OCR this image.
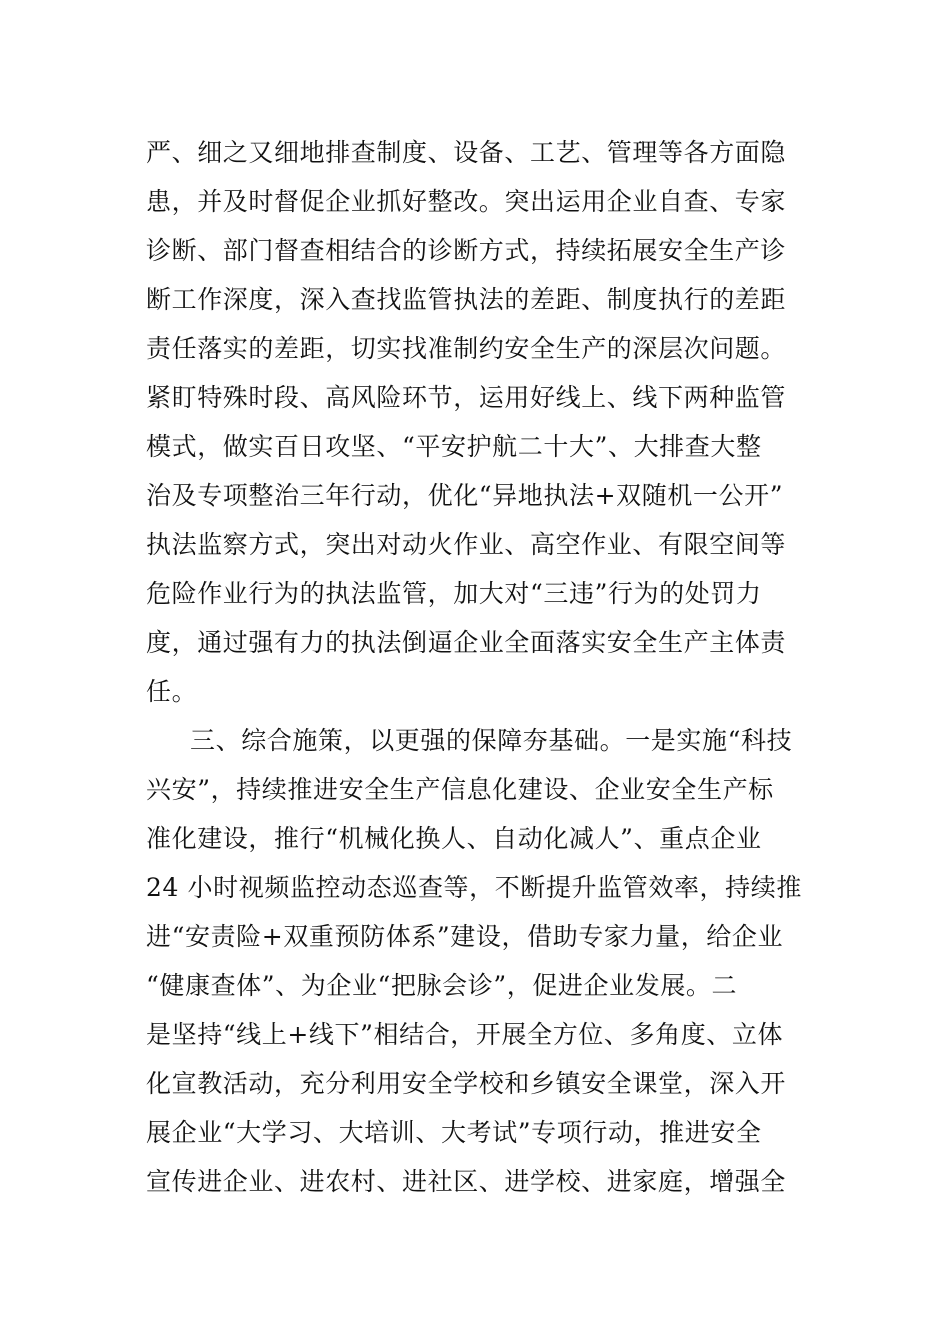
严、细之又细地排查制度、设备、工艺、管理等各方面隐
患，并及时督促企业抓好整改。突出运用企业自查、专家
诊断、部门督查相结合的诊断方式，持续拓展安全生产诊
断工作深度，深入查找监管执法的差距、制度执行的差距
责任落实的差距，切实找准制约安全生产的深层次问题。
紧盯特殊时段、高风险环节，运用好线上、线下两种监管
模式，做实百日攻坚、“平安护航二十大”、大排查大整
治及专项整治三年行动，优化“异地执法+双随机一公开”
执法监察方式，突出对动火作业、高空作业、有限空间等
危险作业行为的执法监管，加大对“三违”行为的处罚力
度，通过强有力的执法倒逼企业全面落实安全生产主体责
任。
三、综合施策，以更强的保障夯基础。一是实施“科技
兴安”，持续推进安全生产信息化建设、企业安全生产标
准化建设，推行“机械化换人、自动化减人”、重点企业
24 小时视频监控动态巡查等，不断提升监管效率，持续推
进“安责险+双重预防体系”建设，借助专家力量，给企业
“健康查体”、为企业“把脉会诊”，促进企业发展。二
是坚持“线上+线下”相结合，开展全方位、多角度、立体
化宣教活动，充分利用安全学校和乡镇安全课堂，深入开
展企业“大学习、大培训、大考试”专项行动，推进安全
宣传进企业、进农村、进社区、进学校、进家庭，增强全
